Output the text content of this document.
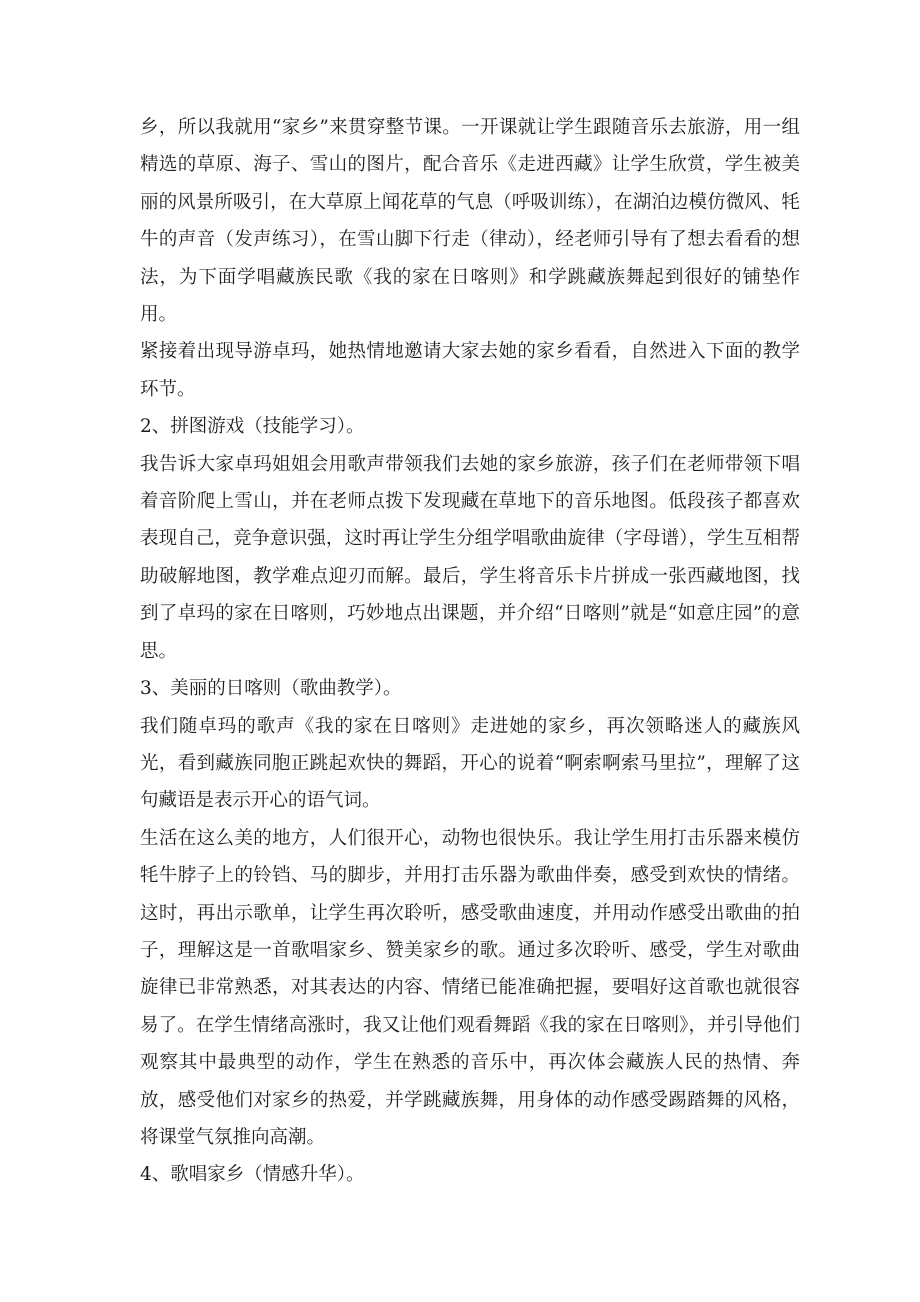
乡，所以我就用“家乡”来贯穿整节课。一开课就让学生跟随音乐去旅游，用一组精选的草原、海子、雪山的图片，配合音乐《走进西藏》让学生欣赏，学生被美丽的风景所吸引，在大草原上闻花草的气息（呼吸训练），在湖泊边模仿微风、牦牛的声音（发声练习），在雪山脚下行走（律动），经老师引导有了想去看看的想法，为下面学唱藏族民歌《我的家在日喀则》和学跳藏族舞起到很好的铺垫作用。

紧接着出现导游卓玛，她热情地邀请大家去她的家乡看看，自然进入下面的教学环节。

2、拼图游戏（技能学习）。

我告诉大家卓玛姐姐会用歌声带领我们去她的家乡旅游，孩子们在老师带领下唱着音阶爬上雪山，并在老师点拨下发现藏在草地下的音乐地图。低段孩子都喜欢表现自己，竞争意识强，这时再让学生分组学唱歌曲旋律（字母谱），学生互相帮助破解地图，教学难点迎刃而解。最后，学生将音乐卡片拼成一张西藏地图，找到了卓玛的家在日喀则，巧妙地点出课题，并介绍“日喀则”就是“如意庄园”的意思。

3、美丽的日喀则（歌曲教学）。

我们随卓玛的歌声《我的家在日喀则》走进她的家乡，再次领略迷人的藏族风光，看到藏族同胞正跳起欢快的舞蹈，开心的说着“啊索啊索马里拉”，理解了这句藏语是表示开心的语气词。

生活在这么美的地方，人们很开心，动物也很快乐。我让学生用打击乐器来模仿牦牛脖子上的铃铛、马的脚步，并用打击乐器为歌曲伴奏，感受到欢快的情绪。这时，再出示歌单，让学生再次聆听，感受歌曲速度，并用动作感受出歌曲的拍子，理解这是一首歌唱家乡、赞美家乡的歌。通过多次聆听、感受，学生对歌曲旋律已非常熟悉，对其表达的内容、情绪已能准确把握，要唱好这首歌也就很容易了。在学生情绪高涨时，我又让他们观看舞蹈《我的家在日喀则》，并引导他们观察其中最典型的动作，学生在熟悉的音乐中，再次体会藏族人民的热情、奔放，感受他们对家乡的热爱，并学跳藏族舞，用身体的动作感受踢踏舞的风格，将课堂气氛推向高潮。

4、歌唱家乡（情感升华）。
